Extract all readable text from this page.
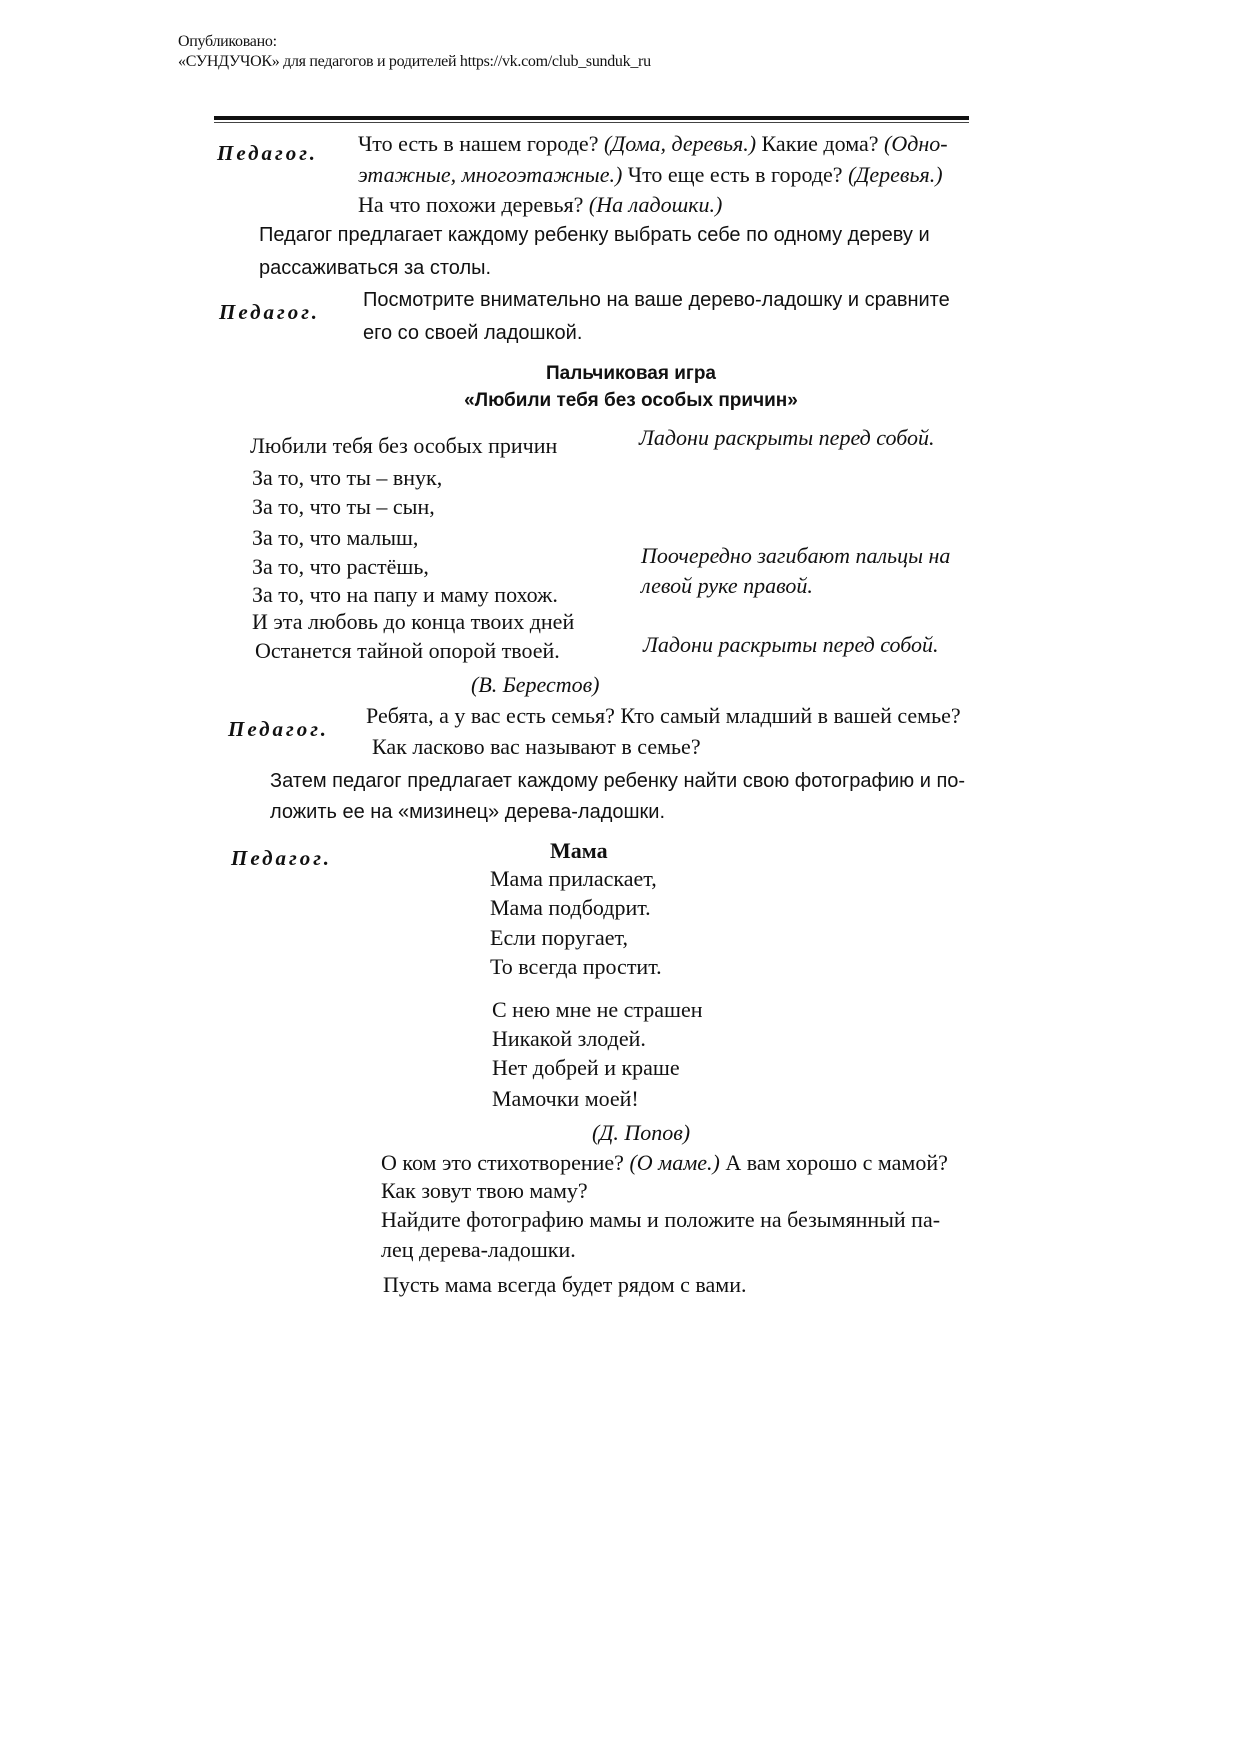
Опубликовано:
«СУНДУЧОК» для педагогов и родителей https://vk.com/club_sunduk_ru
Педагог. Что есть в нашем городе? (Дома, деревья.) Какие дома? (Одно-
этажные, многоэтажные.) Что еще есть в городе? (Деревья.)
На что похожи деревья? (На ладошки.)
Педагог предлагает каждому ребенку выбрать себе по одному дереву и
рассаживаться за столы.
Педагог. Посмотрите внимательно на ваше дерево-ладошку и сравните
его со своей ладошкой.
Пальчиковая игра
«Любили тебя без особых причин»
Любили тебя без особых причин
За то, что ты – внук,
За то, что ты – сын,
За то, что малыш,
За то, что растёшь,
За то, что на папу и маму похож.
И эта любовь до конца твоих дней
Останется тайной опорой твоей.
Ладони раскрыты перед собой.
Поочередно загибают пальцы на
левой руке правой.
Ладони раскрыты перед собой.
(В. Берестов)
Педагог.
Ребята, а у вас есть семья? Кто самый младший в вашей семье?
Как ласково вас называют в семье?
Затем педагог предлагает каждому ребенку найти свою фотографию и по-
ложить ее на «мизинец» дерева-ладошки.
Педагог.	Мама
Мама приласкает,
Мама подбодрит.
Если поругает,
То всегда простит.
С нею мне не страшен
Никакой злодей.
Нет добрей и краше
Мамочки моей!
(Д. Попов)
О ком это стихотворение? (О маме.) А вам хорошо с мамой?
Как зовут твою маму?
Найдите фотографию мамы и положите на безымянный па-
лец дерева-ладошки.
Пусть мама всегда будет рядом с вами.
